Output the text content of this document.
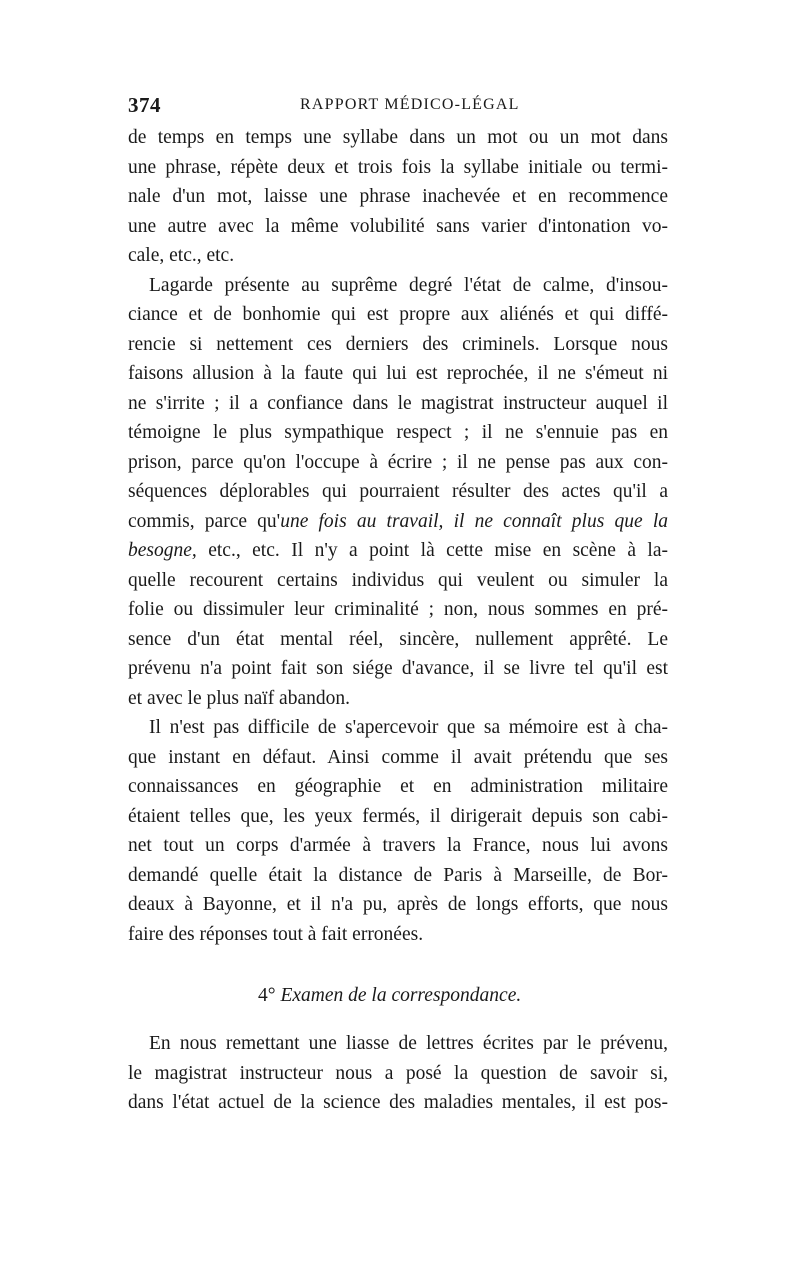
374	RAPPORT MÉDICO-LÉGAL
de temps en temps une syllabe dans un mot ou un mot dans
une phrase, répète deux et trois fois la syllabe initiale ou termi-
nale d'un mot, laisse une phrase inachevée et en recommence
une autre avec la même volubilité sans varier d'intonation vo-
cale, etc., etc.
Lagarde présente au suprême degré l'état de calme, d'insou-
ciance et de bonhomie qui est propre aux aliénés et qui diffé-
rencie si nettement ces derniers des criminels. Lorsque nous
faisons allusion à la faute qui lui est reprochée, il ne s'émeut ni
ne s'irrite ; il a confiance dans le magistrat instructeur auquel il
témoigne le plus sympathique respect ; il ne s'ennuie pas en
prison, parce qu'on l'occupe à écrire ; il ne pense pas aux con-
séquences déplorables qui pourraient résulter des actes qu'il a
commis, parce qu'une fois au travail, il ne connaît plus que la
besogne, etc., etc. Il n'y a point là cette mise en scène à la-
quelle recourent certains individus qui veulent ou simuler la
folie ou dissimuler leur criminalité ; non, nous sommes en pré-
sence d'un état mental réel, sincère, nullement apprêté. Le
prévenu n'a point fait son siége d'avance, il se livre tel qu'il est
et avec le plus naïf abandon.
Il n'est pas difficile de s'apercevoir que sa mémoire est à cha-
que instant en défaut. Ainsi comme il avait prétendu que ses
connaissances en géographie et en administration militaire
étaient telles que, les yeux fermés, il dirigerait depuis son cabi-
net tout un corps d'armée à travers la France, nous lui avons
demandé quelle était la distance de Paris à Marseille, de Bor-
deaux à Bayonne, et il n'a pu, après de longs efforts, que nous
faire des réponses tout à fait erronées.
4° Examen de la correspondance.
En nous remettant une liasse de lettres écrites par le prévenu,
le magistrat instructeur nous a posé la question de savoir si,
dans l'état actuel de la science des maladies mentales, il est pos-
